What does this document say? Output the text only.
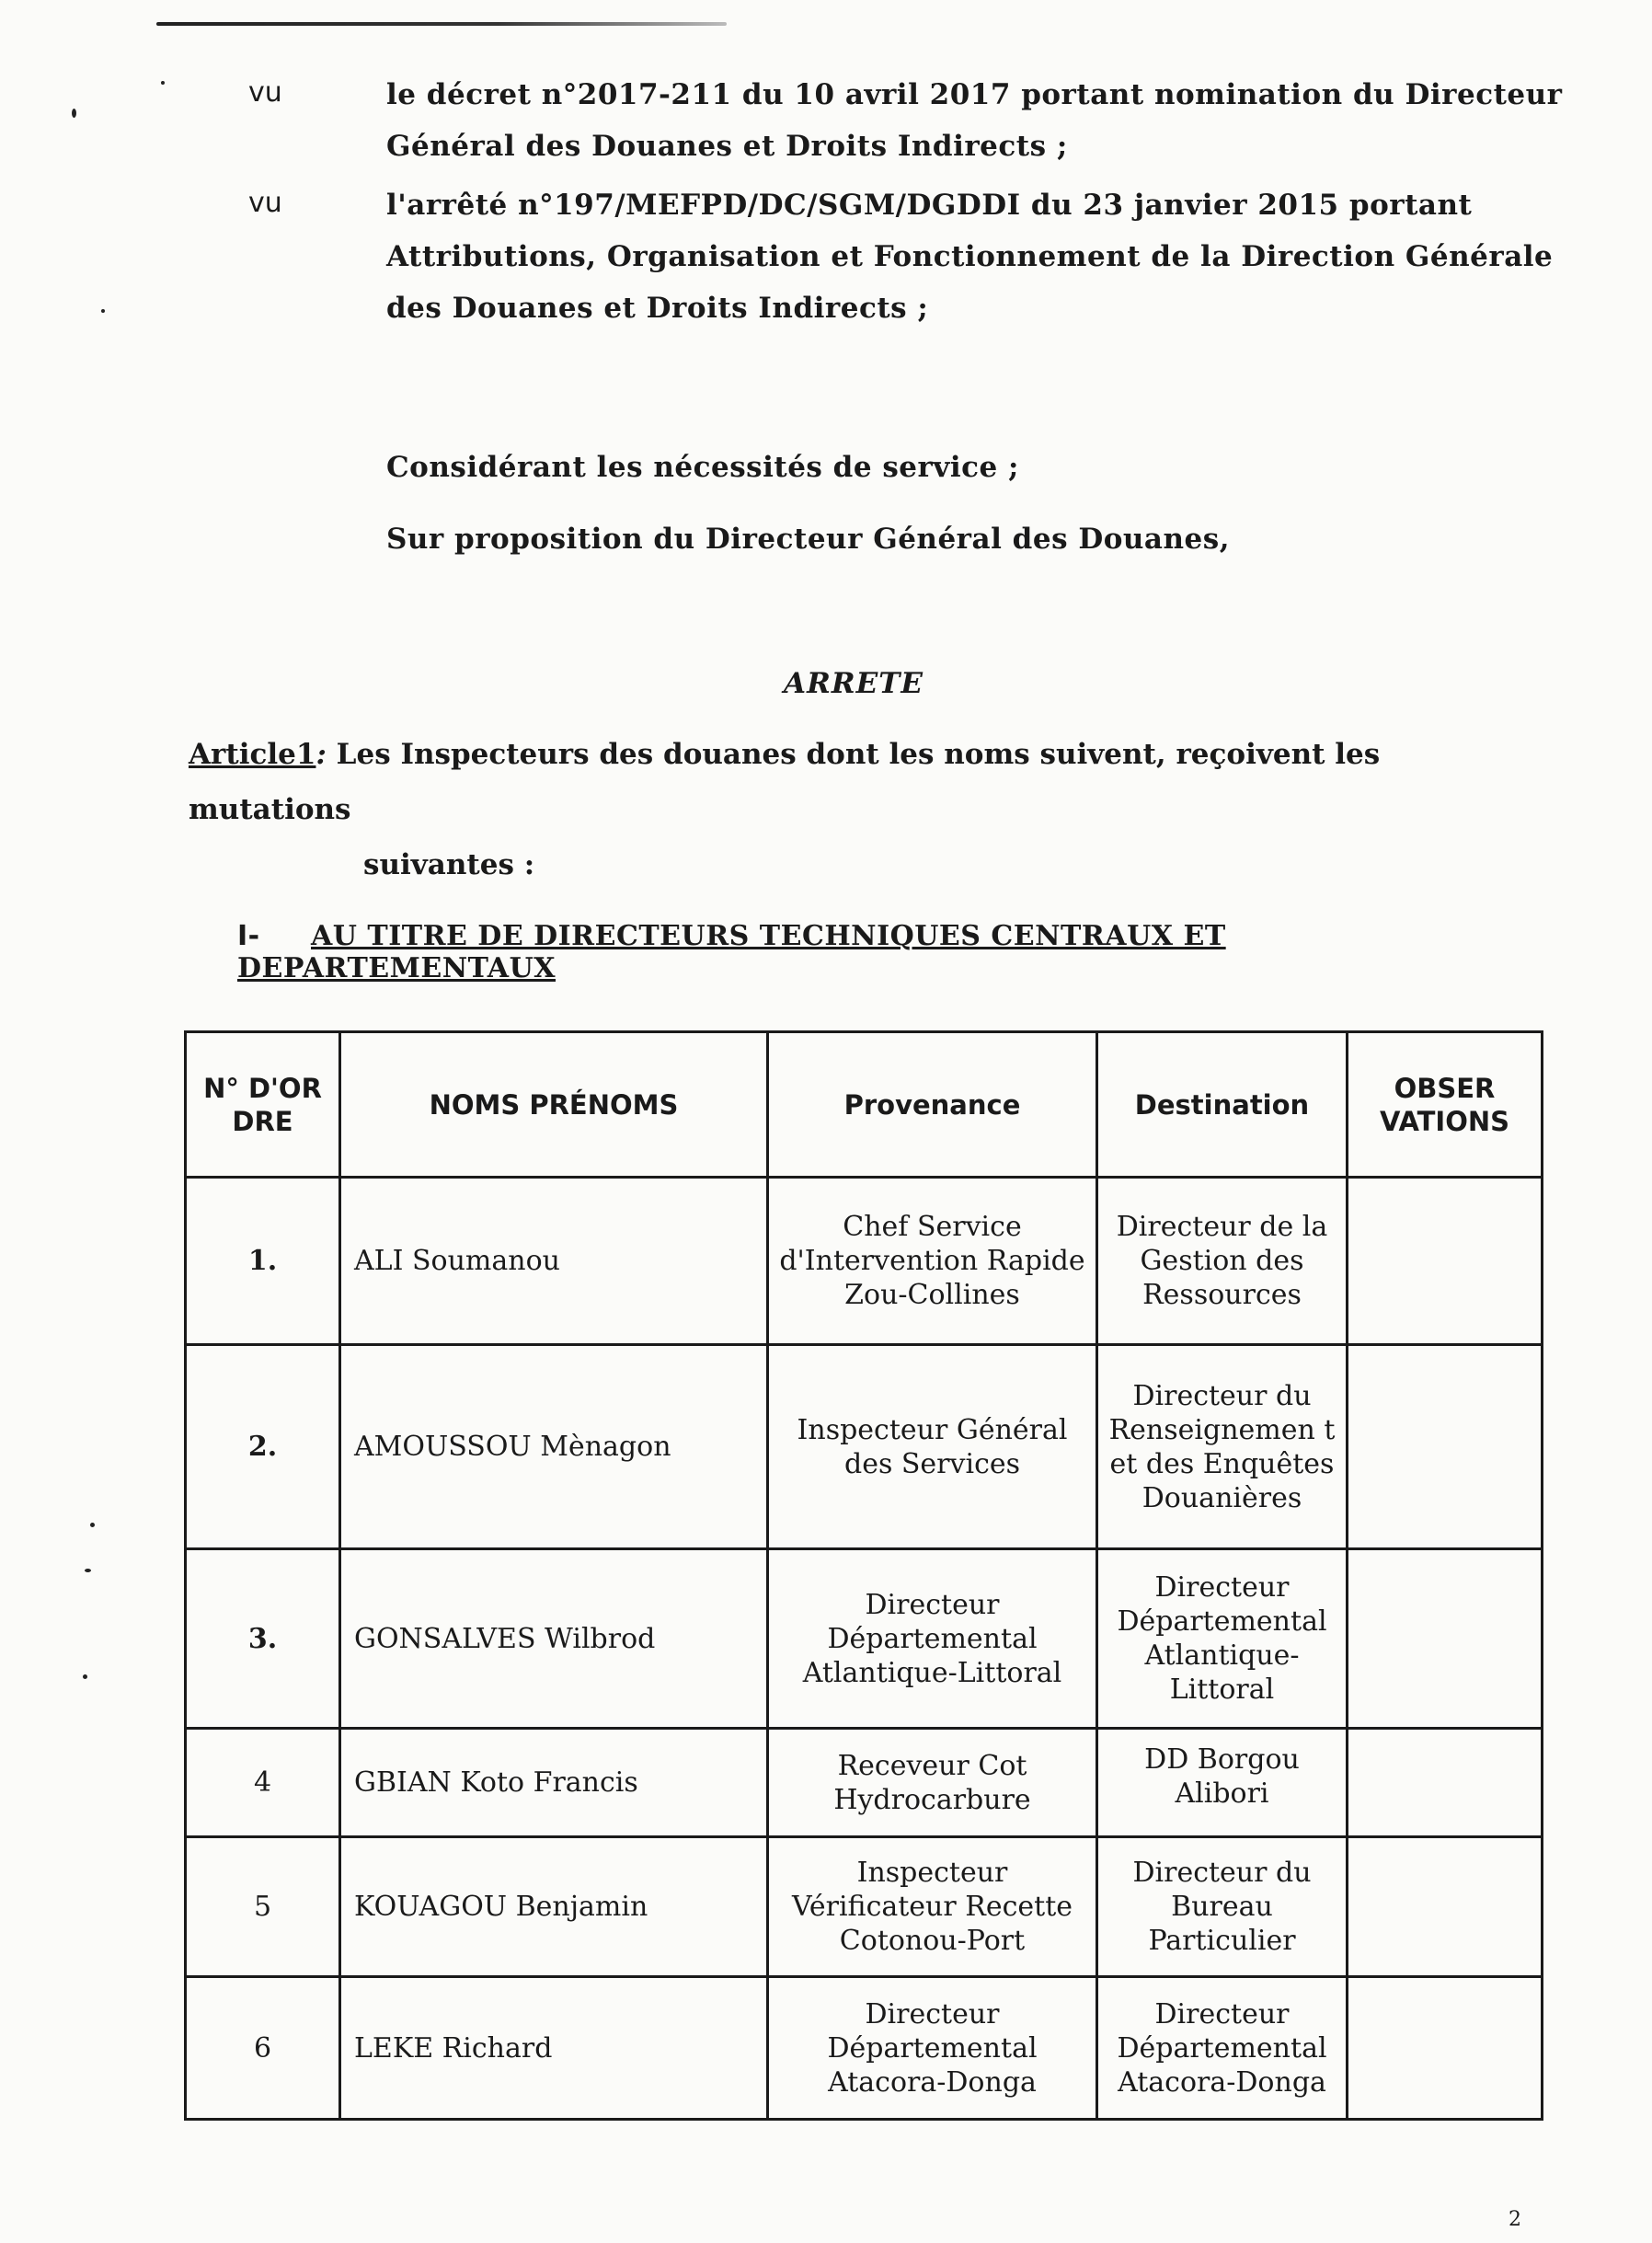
vu	le décret n°2017-211 du 10 avril 2017 portant nomination du Directeur Général des Douanes et Droits Indirects ;
vu	l'arrêté n°197/MEFPD/DC/SGM/DGDDI du 23 janvier 2015 portant Attributions, Organisation et Fonctionnement de la Direction Générale des Douanes et Droits Indirects ;
Considérant les nécessités de service ;
Sur proposition du Directeur Général des Douanes,
ARRETE
Article1: Les Inspecteurs des douanes dont les noms suivent, reçoivent les mutations
suivantes :
I- AU TITRE DE DIRECTEURS TECHNIQUES CENTRAUX ET DEPARTEMENTAUX
N° D'OR DRE	NOMS PRÉNOMS	Provenance	Destination	OBSER VATIONS
1.	ALI Soumanou	Chef Service d'Intervention Rapide Zou-Collines	Directeur de la Gestion des Ressources	
2.	AMOUSSOU Mènagon	Inspecteur Général des Services	Directeur du Renseignemen t et des Enquêtes Douanières	
3.	GONSALVES Wilbrod	Directeur Départemental Atlantique-Littoral	Directeur Départemental Atlantique-Littoral	
4	GBIAN Koto Francis	Receveur Cot Hydrocarbure	DD Borgou Alibori	
5	KOUAGOU Benjamin	Inspecteur Vérificateur Recette Cotonou-Port	Directeur du Bureau Particulier	
6	LEKE Richard	Directeur Départemental Atacora-Donga	Directeur Départemental Atacora-Donga	
2
